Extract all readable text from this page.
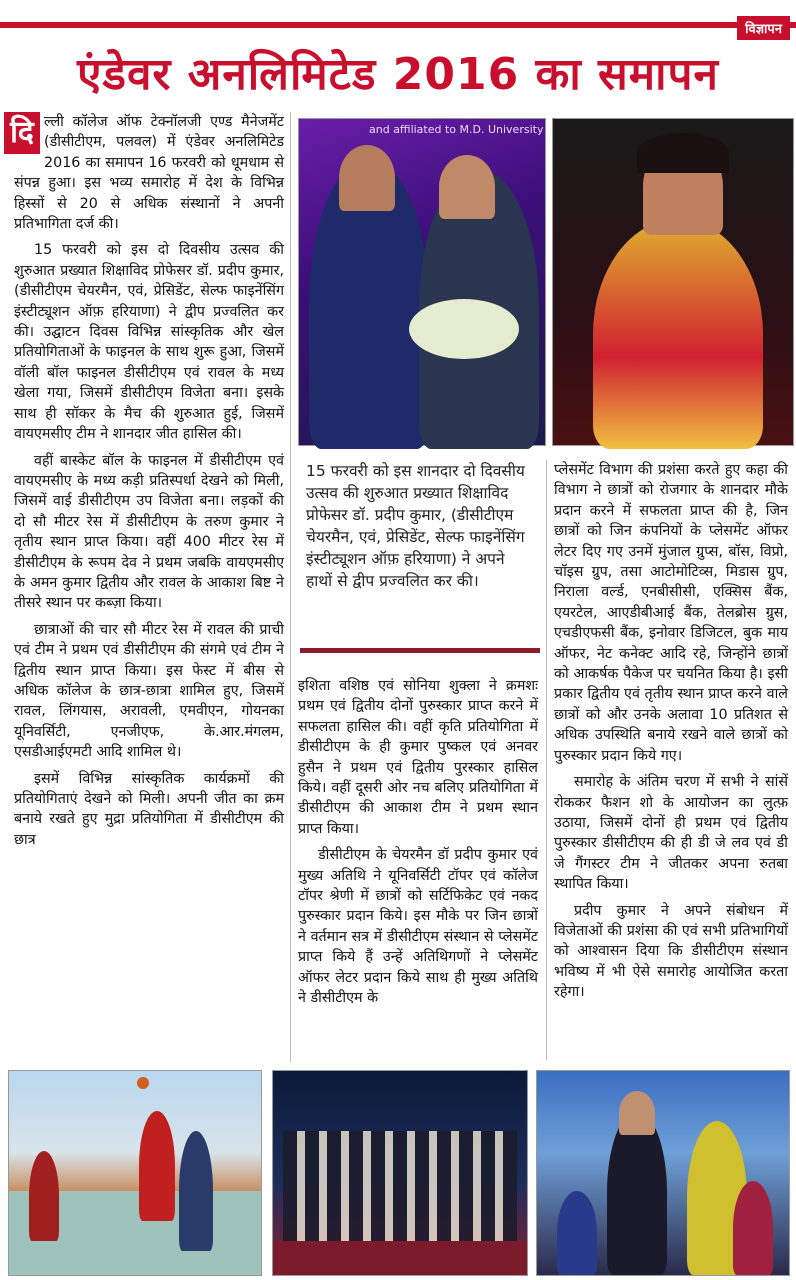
विज्ञापन
एंडेवर अनलिमिटेड 2016 का समापन

दि ल्ली कॉलेज ऑफ टेक्नॉलजी एण्ड मैनेजमेंट (डीसीटीएम, पलवल) में एंडेवर अनलिमिटेड 2016 का समापन 16 फरवरी को धूमधाम से संपन्न हुआ। इस भव्य समारोह में देश के विभिन्न हिस्सों से 20 से अधिक संस्थानों ने अपनी प्रतिभागिता दर्ज की।

15 फरवरी को इस दो दिवसीय उत्सव की शुरुआत प्रख्यात शिक्षाविद प्रोफेसर डॉ. प्रदीप कुमार, (डीसीटीएम चेयरमैन, एवं, प्रेसिडेंट, सेल्फ फाइनेंसिंग इंस्टीट्यूशन ऑफ़ हरियाणा) ने द्वीप प्रज्वलित कर की। उद्घाटन दिवस विभिन्न सांस्कृतिक और खेल प्रतियोगिताओं के फाइनल के साथ शुरू हुआ, जिसमें वॉली बॉल फाइनल डीसीटीएम एवं रावल के मध्य खेला गया, जिसमें डीसीटीएम विजेता बना। इसके साथ ही सॉकर के मैच की शुरुआत हुई, जिसमें वायएमसीए टीम ने शानदार जीत हासिल की।

वहीं बास्केट बॉल के फाइनल में डीसीटीएम एवं वायएमसीए के मध्य कड़ी प्रतिस्पर्धा देखने को मिली, जिसमें वाई डीसीटीएम उप विजेता बना। लड़कों की दो सौ मीटर रेस में डीसीटीएम के तरुण कुमार ने तृतीय स्थान प्राप्त किया। वहीं 400 मीटर रेस में डीसीटीएम के रूपम देव ने प्रथम जबकि वायएमसीए के अमन कुमार द्वितीय और रावल के आकाश बिष्ट ने तीसरे स्थान पर कब्ज़ा किया।

छात्राओं की चार सौ मीटर रेस में रावल की प्राची एवं टीम ने प्रथम एवं डीसीटीएम की संगमे एवं टीम ने द्वितीय स्थान प्राप्त किया। इस फेस्ट में बीस से अधिक कॉलेज के छात्र-छात्रा शामिल हुए, जिसमें रावल, लिंगयास, अरावली, एमवीएन, गोयनका यूनिवर्सिटी, एनजीएफ, के.आर.मंगलम, एसडीआईएमटी आदि शामिल थे।

इसमें विभिन्न सांस्कृतिक कार्यक्रमों की प्रतियोगिताएं देखने को मिली। अपनी जीत का क्रम बनाये रखते हुए मुद्रा प्रतियोगिता में डीसीटीएम की छात्र

and affiliated to M.D. University
15 फरवरी को इस शानदार दो दिवसीय उत्सव की शुरुआत प्रख्यात शिक्षाविद प्रोफेसर डॉ. प्रदीप कुमार, (डीसीटीएम चेयरमैन, एवं, प्रेसिडेंट, सेल्फ फाइनेंसिंग इंस्टीट्यूशन ऑफ़ हरियाणा) ने अपने हाथों से द्वीप प्रज्वलित कर की।

इशिता वशिष्ठ एवं सोनिया शुक्ला ने क्रमशः प्रथम एवं द्वितीय दोनों पुरुस्कार प्राप्त करने में सफलता हासिल की। वहीं कृति प्रतियोगिता में डीसीटीएम के ही कुमार पुष्कल एवं अनवर हुसैन ने प्रथम एवं द्वितीय पुरस्कार हासिल किये। वहीं दूसरी ओर नच बलिए प्रतियोगिता में डीसीटीएम की आकाश टीम ने प्रथम स्थान प्राप्त किया।

डीसीटीएम के चेयरमैन डॉ प्रदीप कुमार एवं मुख्य अतिथि ने यूनिवर्सिटी टॉपर एवं कॉलेज टॉपर श्रेणी में छात्रों को सर्टिफिकेट एवं नकद पुरुस्कार प्रदान किये। इस मौके पर जिन छात्रों ने वर्तमान सत्र में डीसीटीएम संस्थान से प्लेसमेंट प्राप्त किये हैं उन्हें अतिथिगणों ने प्लेसमेंट ऑफर लेटर प्रदान किये साथ ही मुख्य अतिथि ने डीसीटीएम के

प्लेसमेंट विभाग की प्रशंसा करते हुए कहा की विभाग ने छात्रों को रोजगार के शानदार मौके प्रदान करने में सफलता प्राप्त की है, जिन छात्रों को जिन कंपनियों के प्लेसमेंट ऑफर लेटर दिए गए उनमें मुंजाल ग्रुप्स, बॉस, विप्रो, चॉइस ग्रुप, तसा आटोमोटिव्स, मिडास ग्रुप, निराला वर्ल्ड, एनबीसीसी, एक्सिस बैंक, एयरटेल, आएडीबीआई बैंक, तेलब्रोस ग्रुस, एचडीएफसी बैंक, इनोवार डिजिटल, बुक माय ऑफर, नेट कनेक्ट आदि रहे, जिन्होंने छात्रों को आकर्षक पैकेज पर चयनित किया है। इसी प्रकार द्वितीय एवं तृतीय स्थान प्राप्त करने वाले छात्रों को और उनके अलावा 10 प्रतिशत से अधिक उपस्थिति बनाये रखने वाले छात्रों को पुरुस्कार प्रदान किये गए।

समारोह के अंतिम चरण में सभी ने सांसें रोककर फैशन शो के आयोजन का लुत्फ़ उठाया, जिसमें दोनों ही प्रथम एवं द्वितीय पुरुस्कार डीसीटीएम की ही डी जे लव एवं डी जे गैंगस्टर टीम ने जीतकर अपना रुतबा स्थापित किया।

प्रदीप कुमार ने अपने संबोधन में विजेताओं की प्रशंसा की एवं सभी प्रतिभागियों को आश्वासन दिया कि डीसीटीएम संस्थान भविष्य में भी ऐसे समारोह आयोजित करता रहेगा।
